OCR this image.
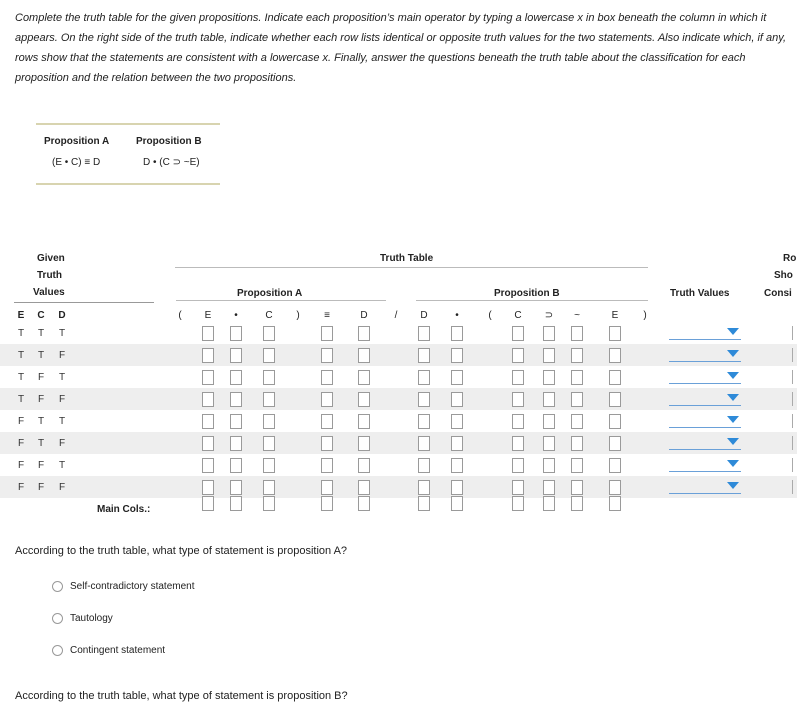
Complete the truth table for the given propositions. Indicate each proposition’s main operator by typing a lowercase x in box beneath the column in which it appears. On the right side of the truth table, indicate whether each row lists identical or opposite truth values for the two statements. Also indicate which, if any, rows show that the statements are consistent with a lowercase x. Finally, answer the questions beneath the truth table about the classification for each proposition and the relation between the two propositions.
Proposition A
(E • C) ≡ D
Proposition B
D • (C ⊃ ~E)
Given
Truth
Values
Truth Table
Proposition A	Proposition B	Truth Values
Ro
Sho
Consi
E	C	D	(	E	•	C	)	≡	D	/	D	•	(	C	⊃	~	E	)
T	T	T
T	T	F
T	F	T
T	F	F
F	T	T
F	T	F
F	F	T
F	F	F
Main Cols.:
According to the truth table, what type of statement is proposition A?
Self-contradictory statement
Tautology
Contingent statement
According to the truth table, what type of statement is proposition B?
